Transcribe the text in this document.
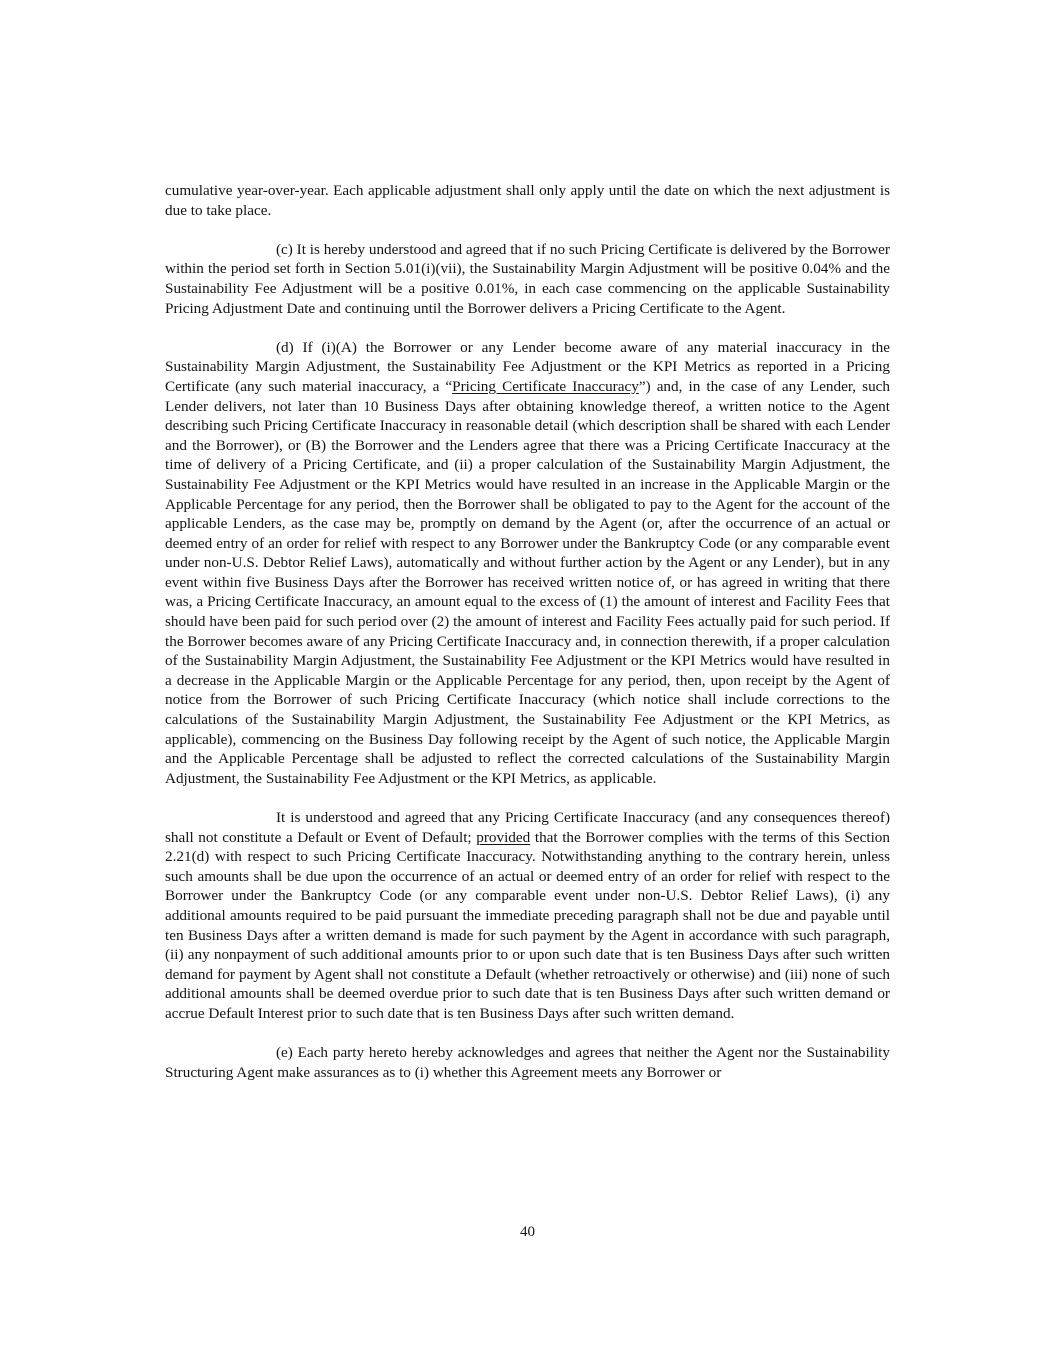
cumulative year-over-year. Each applicable adjustment shall only apply until the date on which the next adjustment is due to take place.

(c) It is hereby understood and agreed that if no such Pricing Certificate is delivered by the Borrower within the period set forth in Section 5.01(i)(vii), the Sustainability Margin Adjustment will be positive 0.04% and the Sustainability Fee Adjustment will be a positive 0.01%, in each case commencing on the applicable Sustainability Pricing Adjustment Date and continuing until the Borrower delivers a Pricing Certificate to the Agent.

(d) If (i)(A) the Borrower or any Lender become aware of any material inaccuracy in the Sustainability Margin Adjustment, the Sustainability Fee Adjustment or the KPI Metrics as reported in a Pricing Certificate (any such material inaccuracy, a “Pricing Certificate Inaccuracy”) and, in the case of any Lender, such Lender delivers, not later than 10 Business Days after obtaining knowledge thereof, a written notice to the Agent describing such Pricing Certificate Inaccuracy in reasonable detail (which description shall be shared with each Lender and the Borrower), or (B) the Borrower and the Lenders agree that there was a Pricing Certificate Inaccuracy at the time of delivery of a Pricing Certificate, and (ii) a proper calculation of the Sustainability Margin Adjustment, the Sustainability Fee Adjustment or the KPI Metrics would have resulted in an increase in the Applicable Margin or the Applicable Percentage for any period, then the Borrower shall be obligated to pay to the Agent for the account of the applicable Lenders, as the case may be, promptly on demand by the Agent (or, after the occurrence of an actual or deemed entry of an order for relief with respect to any Borrower under the Bankruptcy Code (or any comparable event under non-U.S. Debtor Relief Laws), automatically and without further action by the Agent or any Lender), but in any event within five Business Days after the Borrower has received written notice of, or has agreed in writing that there was, a Pricing Certificate Inaccuracy, an amount equal to the excess of (1) the amount of interest and Facility Fees that should have been paid for such period over (2) the amount of interest and Facility Fees actually paid for such period. If the Borrower becomes aware of any Pricing Certificate Inaccuracy and, in connection therewith, if a proper calculation of the Sustainability Margin Adjustment, the Sustainability Fee Adjustment or the KPI Metrics would have resulted in a decrease in the Applicable Margin or the Applicable Percentage for any period, then, upon receipt by the Agent of notice from the Borrower of such Pricing Certificate Inaccuracy (which notice shall include corrections to the calculations of the Sustainability Margin Adjustment, the Sustainability Fee Adjustment or the KPI Metrics, as applicable), commencing on the Business Day following receipt by the Agent of such notice, the Applicable Margin and the Applicable Percentage shall be adjusted to reflect the corrected calculations of the Sustainability Margin Adjustment, the Sustainability Fee Adjustment or the KPI Metrics, as applicable.

It is understood and agreed that any Pricing Certificate Inaccuracy (and any consequences thereof) shall not constitute a Default or Event of Default; provided that the Borrower complies with the terms of this Section 2.21(d) with respect to such Pricing Certificate Inaccuracy. Notwithstanding anything to the contrary herein, unless such amounts shall be due upon the occurrence of an actual or deemed entry of an order for relief with respect to the Borrower under the Bankruptcy Code (or any comparable event under non-U.S. Debtor Relief Laws), (i) any additional amounts required to be paid pursuant the immediate preceding paragraph shall not be due and payable until ten Business Days after a written demand is made for such payment by the Agent in accordance with such paragraph, (ii) any nonpayment of such additional amounts prior to or upon such date that is ten Business Days after such written demand for payment by Agent shall not constitute a Default (whether retroactively or otherwise) and (iii) none of such additional amounts shall be deemed overdue prior to such date that is ten Business Days after such written demand or accrue Default Interest prior to such date that is ten Business Days after such written demand.

(e) Each party hereto hereby acknowledges and agrees that neither the Agent nor the Sustainability Structuring Agent make assurances as to (i) whether this Agreement meets any Borrower or

40
